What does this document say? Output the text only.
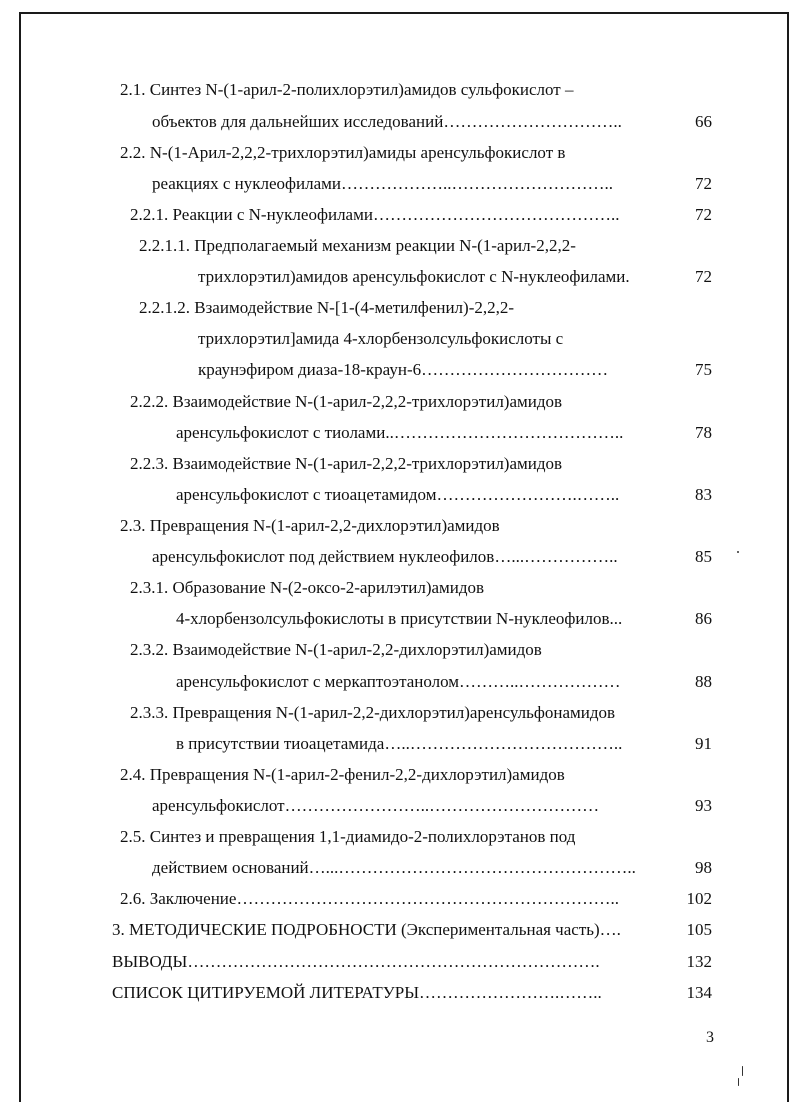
2.1. Синтез N-(1-арил-2-полихлорэтил)амидов сульфокислот –
объектов для дальнейших исследований…………………………..	66
2.2. N-(1-Арил-2,2,2-трихлорэтил)амиды аренсульфокислот в
реакциях с нуклеофилами………………..………………………..	72
2.2.1. Реакции с N-нуклеофилами……………………………………..	72
2.2.1.1. Предполагаемый механизм реакции N-(1-арил-2,2,2-
трихлорэтил)амидов аренсульфокислот с N-нуклеофилами.	72
2.2.1.2. Взаимодействие N-[1-(4-метилфенил)-2,2,2-
трихлорэтил]амида 4-хлорбензолсульфокислоты с
краунэфиром диаза-18-краун-6……………………………	75
2.2.2. Взаимодействие N-(1-арил-2,2,2-трихлорэтил)амидов
аренсульфокислот с тиолами..…………………………………..	78
2.2.3. Взаимодействие N-(1-арил-2,2,2-трихлорэтил)амидов
аренсульфокислот с тиоацетамидом…………………….……..	83
2.3. Превращения N-(1-арил-2,2-дихлорэтил)амидов
аренсульфокислот под действием нуклеофилов…...……………..	85
2.3.1. Образование N-(2-оксо-2-арилэтил)амидов
4-хлорбензолсульфокислоты в присутствии N-нуклеофилов...	86
2.3.2. Взаимодействие N-(1-арил-2,2-дихлорэтил)амидов
аренсульфокислот с меркаптоэтанолом………..………………	88
2.3.3. Превращения N-(1-арил-2,2-дихлорэтил)аренсульфонамидов
в присутствии тиоацетамида…..………………………………..	91
2.4. Превращения N-(1-арил-2-фенил-2,2-дихлорэтил)амидов
аренсульфокислот……………………..…………………………	93
2.5. Синтез и превращения 1,1-диамидо-2-полихлорэтанов под
действием оснований…...……………………………………………..	98
2.6. Заключение…………………………………………………………..	102
3. МЕТОДИЧЕСКИЕ ПОДРОБНОСТИ (Экспериментальная часть)….	105
ВЫВОДЫ……………………………………………………………….	132
СПИСОК ЦИТИРУЕМОЙ ЛИТЕРАТУРЫ…………………….……..	134
3
